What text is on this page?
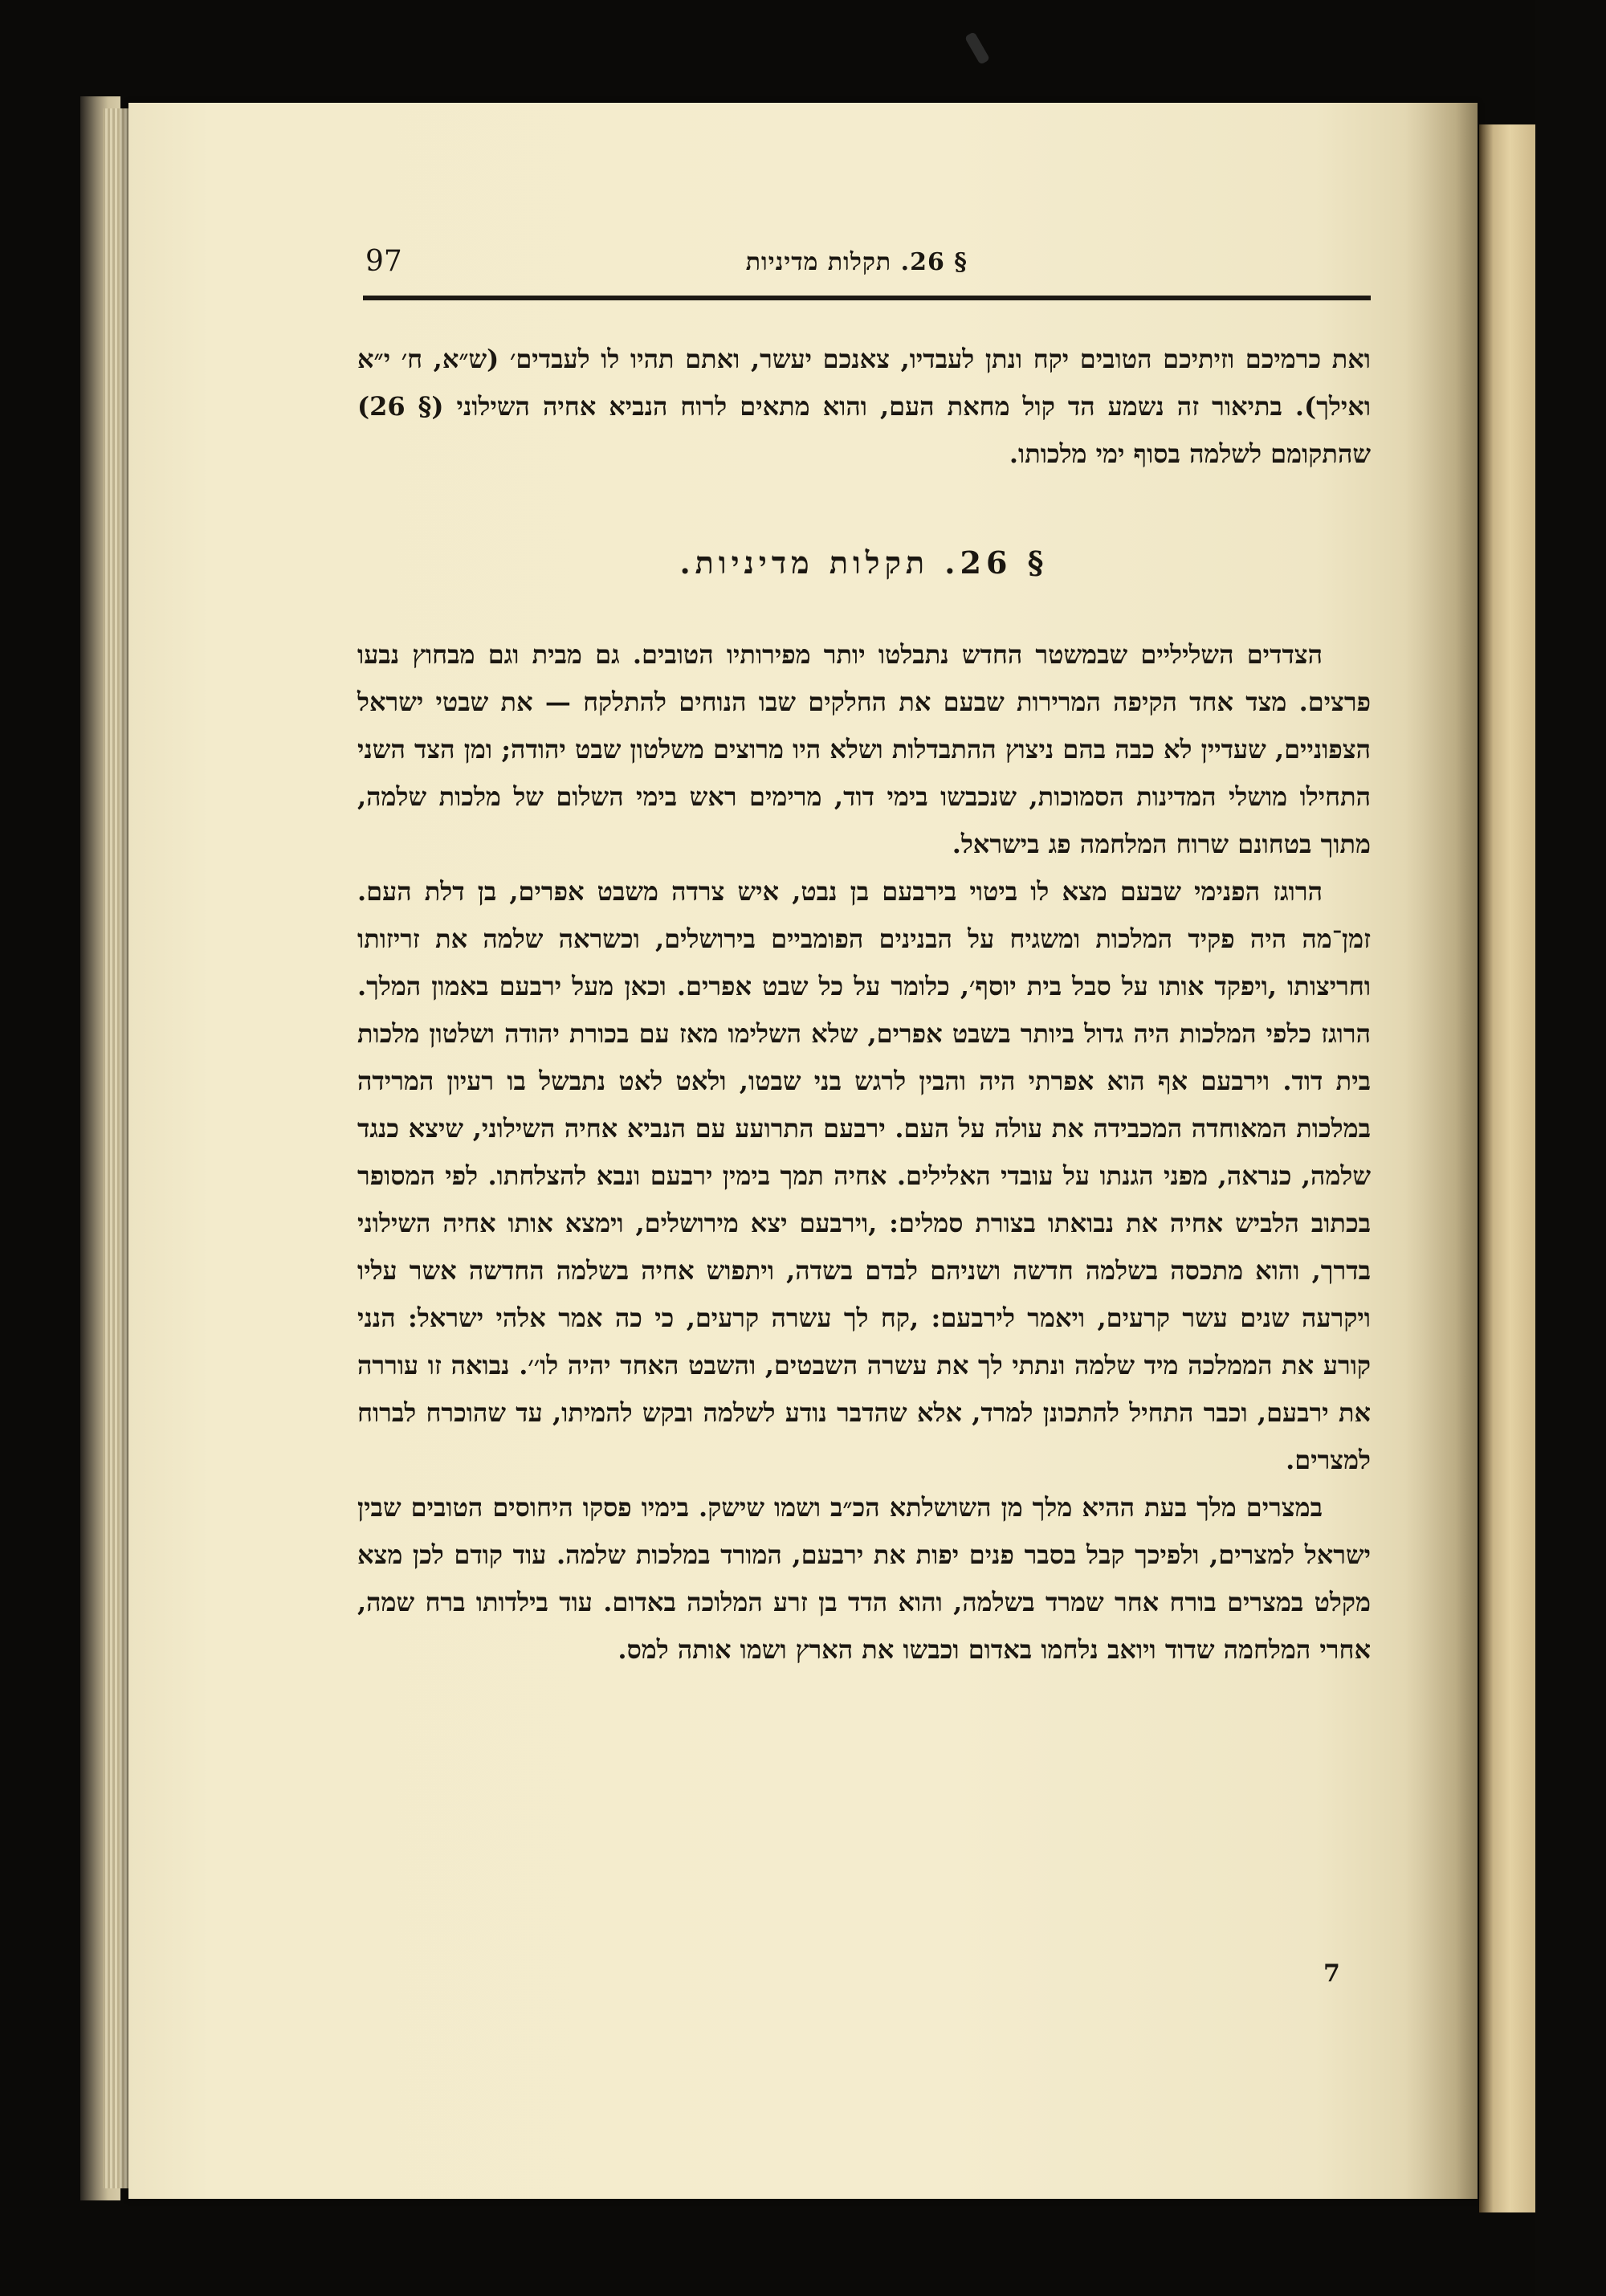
97	§ 26. תקלות מדיניות

ואת כרמיכם וזיתיכם הטובים יקח ונתן לעבדיו, צאנכם יעשר, ואתם תהיו לו לעבדים׳ (ש״א, ח׳ י״א ואילך). בתיאור זה נשמע הד קול מחאת העם, והוא מתאים לרוח הנביא אחיה השילוני (§ 26) שהתקומם לשלמה בסוף ימי מלכותו.

§ 26. תקלות מדיניות.

הצדדים השליליים שבמשטר החדש נתבלטו יותר מפירותיו הטובים. גם מבית וגם מבחוץ נבעו פרצים. מצד אחד הקיפה המרירות שבעם את החלקים שבו הנוחים להתלקח — את שבטי ישראל הצפוניים, שעדיין לא כבה בהם ניצוץ ההתבדלות ושלא היו מרוצים משלטון שבט יהודה; ומן הצד השני התחילו מושלי המדינות הסמוכות, שנכבשו בימי דוד, מרימים ראש בימי השלום של מלכות שלמה, מתוך בטחונם שרוח המלחמה פג בישראל.

הרוגז הפנימי שבעם מצא לו ביטוי בירבעם בן נבט, איש צרדה משבט אפרים, בן דלת העם. זמן־מה היה פקיד המלכות ומשגיח על הבנינים הפומביים בירושלים, וכשראה שלמה את זריזותו וחריצותו ,ויפקד אותו על סבל בית יוסף׳, כלומר על כל שבט אפרים. וכאן מעל ירבעם באמון המלך. הרוגז כלפי המלכות היה גדול ביותר בשבט אפרים, שלא השלימו מאז עם בכורת יהודה ושלטון מלכות בית דוד. וירבעם אף הוא אפרתי היה והבין לרגש בני שבטו, ולאט לאט נתבשל בו רעיון המרידה במלכות המאוחדה המכבידה את עולה על העם. ירבעם התרועע עם הנביא אחיה השילוני, שיצא כנגד שלמה, כנראה, מפני הגנתו על עובדי האלילים. אחיה תמך בימין ירבעם ונבא להצלחתו. לפי המסופר בכתוב הלביש אחיה את נבואתו בצורת סמלים: ,וירבעם יצא מירושלים, וימצא אותו אחיה השילוני בדרך, והוא מתכסה בשלמה חדשה ושניהם לבדם בשדה, ויתפוש אחיה בשלמה החדשה אשר עליו ויקרעה שנים עשר קרעים, ויאמר לירבעם: ,קח לך עשרה קרעים, כי כה אמר אלהי ישראל: הנני קורע את הממלכה מיד שלמה ונתתי לך את עשרה השבטים, והשבט האחד יהיה לו׳׳. נבואה זו עוררה את ירבעם, וכבר התחיל להתכונן למרד, אלא שהדבר נודע לשלמה ובקש להמיתו, עד שהוכרח לברוח למצרים.

במצרים מלך בעת ההיא מלך מן השושלתא הכ״ב ושמו שישק. בימיו פסקו היחוסים הטובים שבין ישראל למצרים, ולפיכך קבל בסבר פנים יפות את ירבעם, המורד במלכות שלמה. עוד קודם לכן מצא מקלט במצרים בורח אחר שמרד בשלמה, והוא הדד בן זרע המלוכה באדום. עוד בילדותו ברח שמה, אחרי המלחמה שדוד ויואב נלחמו באדום וכבשו את הארץ ושמו אותה למס.

7
